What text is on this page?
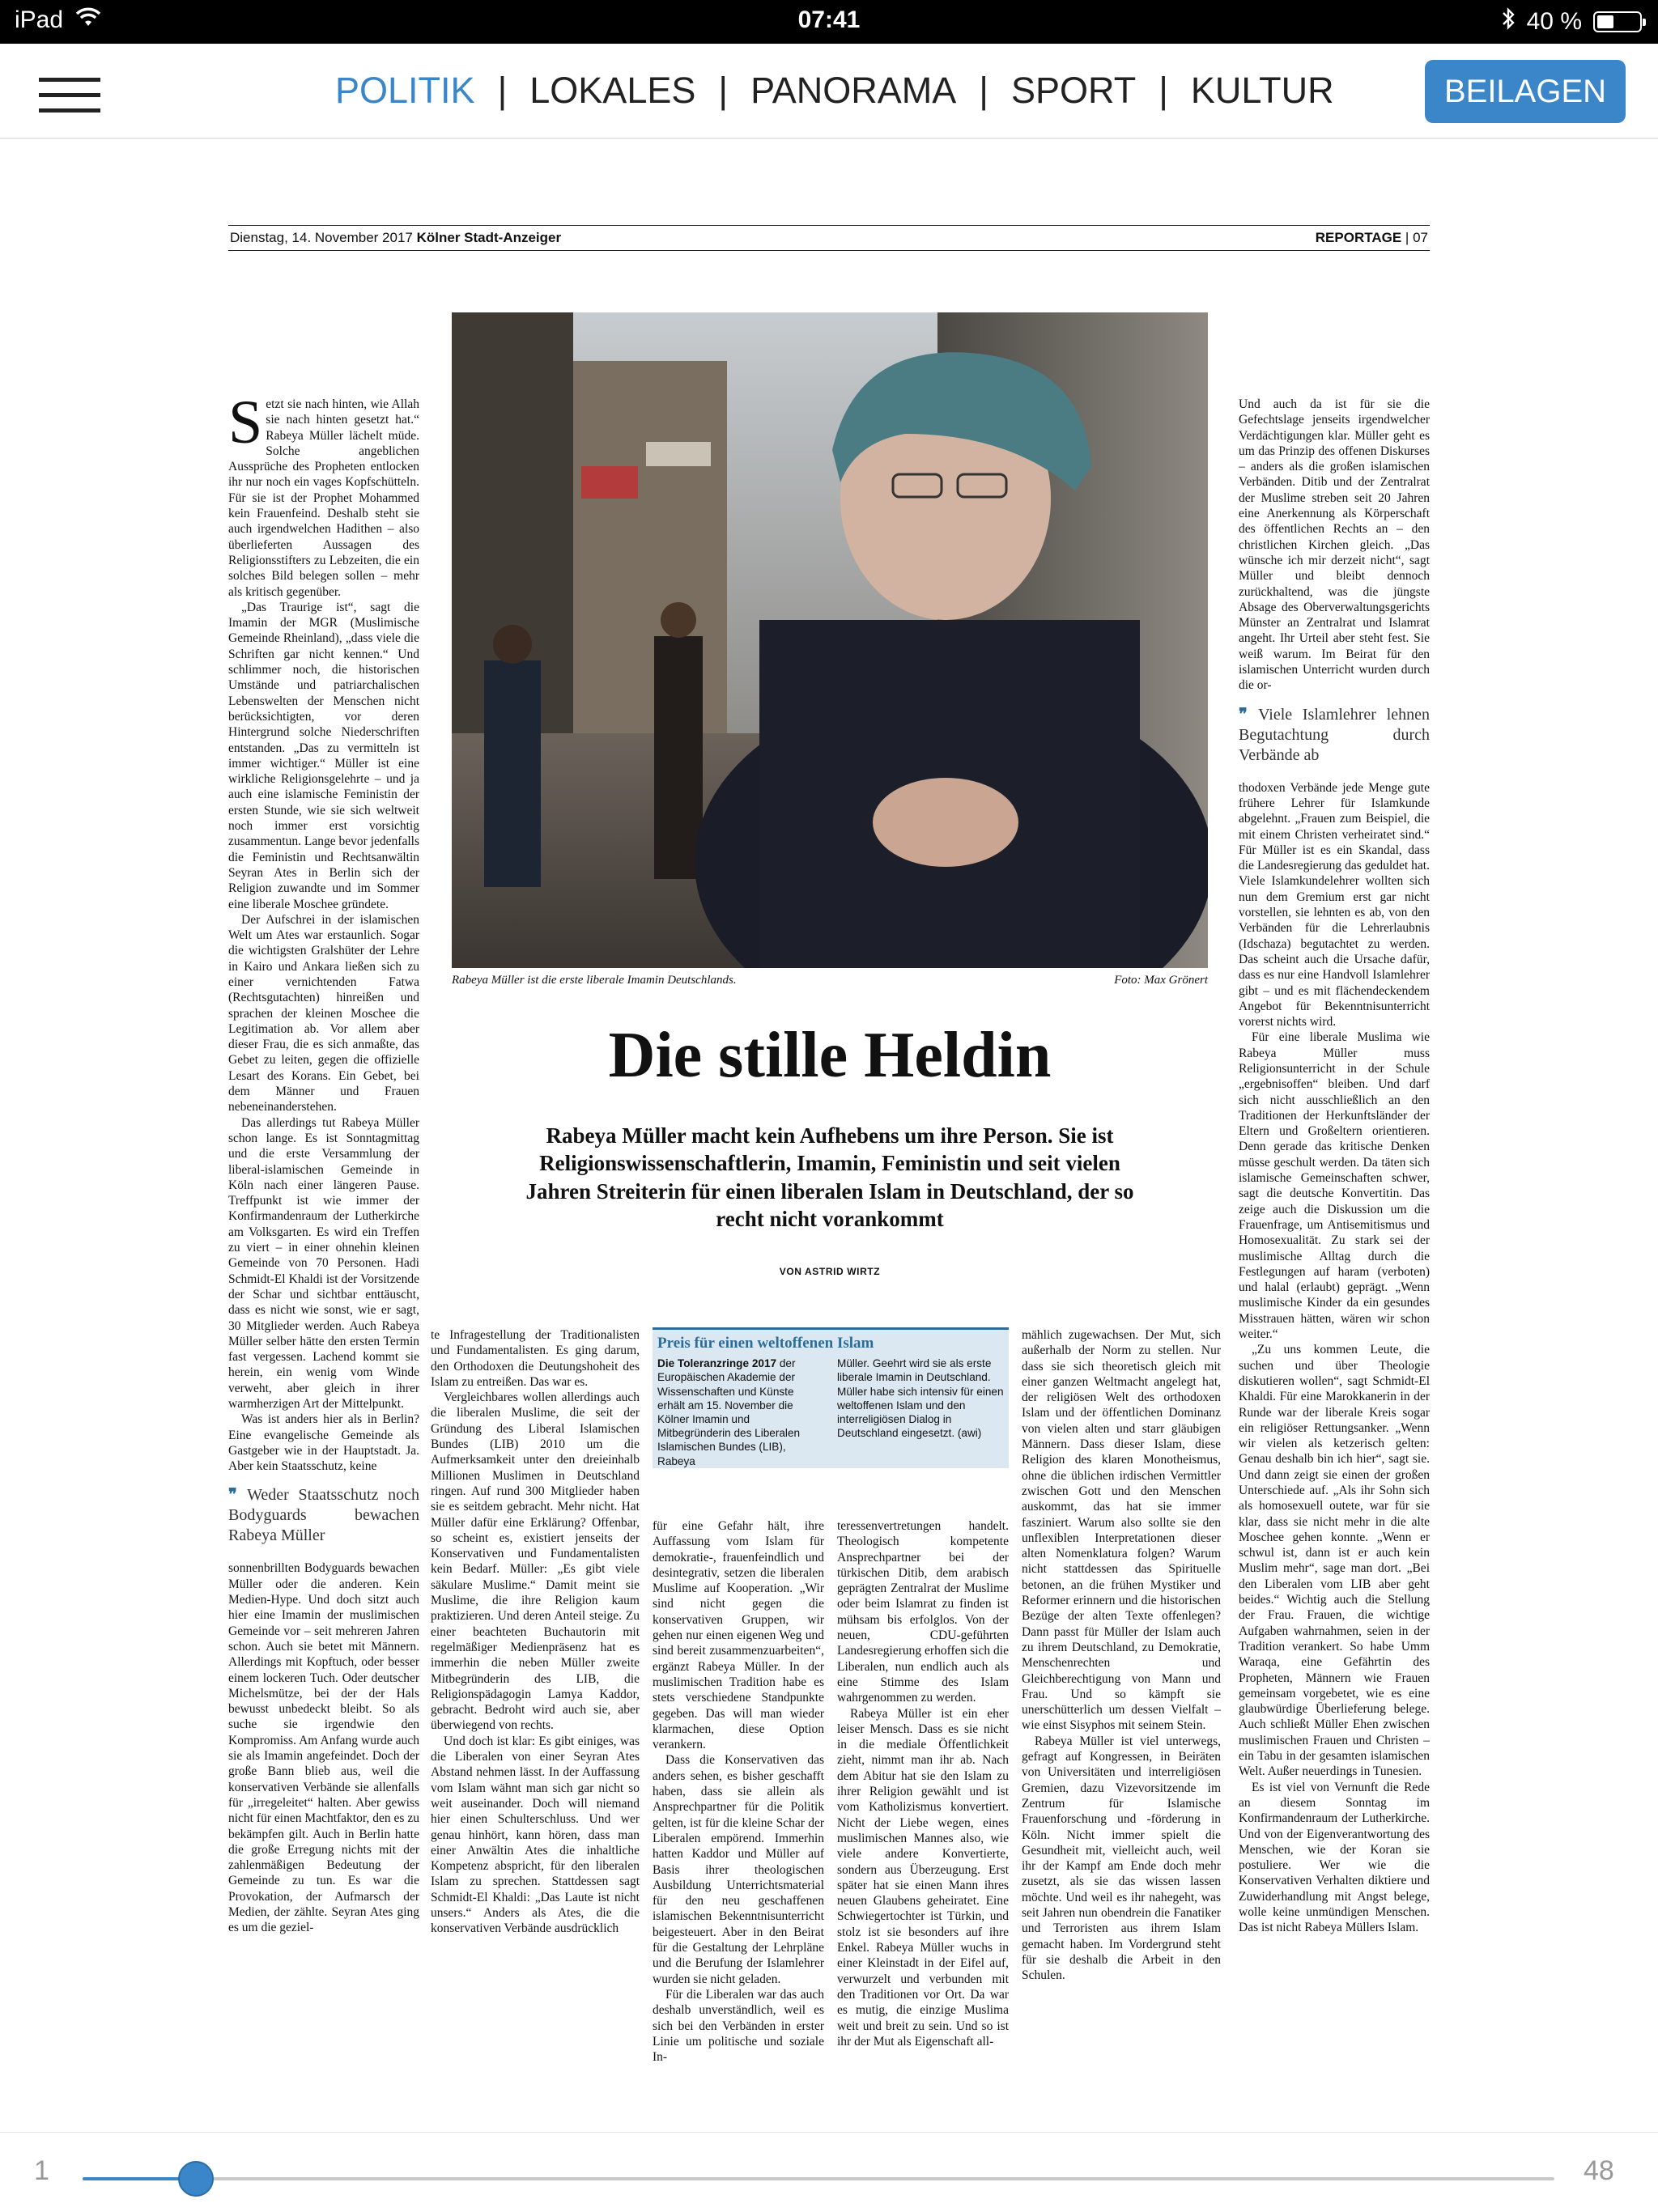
iPad	07:41	40 %
POLITIK | LOKALES | PANORAMA | SPORT | KULTUR	BEILAGEN
Dienstag, 14. November 2017 Kölner Stadt-Anzeiger	REPORTAGE | 07
Rabeya Müller ist die erste liberale Imamin Deutschlands.	Foto: Max Grönert
Die stille Heldin
Rabeya Müller macht kein Aufhebens um ihre Person. Sie ist Religionswissenschaftlerin, Imamin, Feministin und seit vielen Jahren Streiterin für einen liberalen Islam in Deutschland, der so recht nicht vorankommt
VON ASTRID WIRTZ

Setzt sie nach hinten, wie Allah sie nach hinten gesetzt hat.“ Rabeya Müller lächelt müde. Solche angeblichen Aussprüche des Propheten entlocken ihr nur noch ein vages Kopfschütteln. Für sie ist der Prophet Mohammed kein Frauenfeind. Deshalb steht sie auch irgendwelchen Hadithen – also überlieferten Aussagen des Religionsstifters zu Lebzeiten, die ein solches Bild belegen sollen – mehr als kritisch gegenüber.

„Das Traurige ist“, sagt die Imamin der MGR (Muslimische Gemeinde Rheinland), „dass viele die Schriften gar nicht kennen.“ Und schlimmer noch, die historischen Umstände und patriarchalischen Lebenswelten der Menschen nicht berücksichtigten, vor deren Hintergrund solche Niederschriften entstanden. „Das zu vermitteln ist immer wichtiger.“ Müller ist eine wirkliche Religionsgelehrte – und ja auch eine islamische Feministin der ersten Stunde, wie sie sich weltweit noch immer erst vorsichtig zusammentun. Lange bevor jedenfalls die Feministin und Rechtsanwältin Seyran Ates in Berlin sich der Religion zuwandte und im Sommer eine liberale Moschee gründete.

Der Aufschrei in der islamischen Welt um Ates war erstaunlich. Sogar die wichtigsten Gralshüter der Lehre in Kairo und Ankara ließen sich zu einer vernichtenden Fatwa (Rechtsgutachten) hinreißen und sprachen der kleinen Moschee die Legitimation ab. Vor allem aber dieser Frau, die es sich anmaßte, das Gebet zu leiten, gegen die offizielle Lesart des Korans. Ein Gebet, bei dem Männer und Frauen nebeneinanderstehen.

Das allerdings tut Rabeya Müller schon lange. Es ist Sonntagmittag und die erste Versammlung der liberal-islamischen Gemeinde in Köln nach einer längeren Pause. Treffpunkt ist wie immer der Konfirmandenraum der Lutherkirche am Volksgarten. Es wird ein Treffen zu viert – in einer ohnehin kleinen Gemeinde von 70 Personen. Hadi Schmidt-El Khaldi ist der Vorsitzende der Schar und sichtbar enttäuscht, dass es nicht wie sonst, wie er sagt, 30 Mitglieder werden. Auch Rabeya Müller selber hätte den ersten Termin fast vergessen. Lachend kommt sie herein, ein wenig vom Winde verweht, aber gleich in ihrer warmherzigen Art der Mittelpunkt.

Was ist anders hier als in Berlin? Eine evangelische Gemeinde als Gastgeber wie in der Hauptstadt. Ja. Aber kein Staatsschutz, keine

❞ Weder Staatsschutz noch Bodyguards bewachen Rabeya Müller

sonnenbrillten Bodyguards bewachen Müller oder die anderen. Kein Medien-Hype. Und doch sitzt auch hier eine Imamin der muslimischen Gemeinde vor – seit mehreren Jahren schon. Auch sie betet mit Männern. Allerdings mit Kopftuch, oder besser einem lockeren Tuch. Oder deutscher Michelsmütze, bei der der Hals bewusst unbedeckt bleibt. So als suche sie irgendwie den Kompromiss. Am Anfang wurde auch sie als Imamin angefeindet. Doch der große Bann blieb aus, weil die konservativen Verbände sie allenfalls für „irregeleitet“ halten. Aber gewiss nicht für einen Machtfaktor, den es zu bekämpfen gilt. Auch in Berlin hatte die große Erregung nichts mit der zahlenmäßigen Bedeutung der Gemeinde zu tun. Es war die Provokation, der Aufmarsch der Medien, der zählte. Seyran Ates ging es um die geziel-

te Infragestellung der Traditionalisten und Fundamentalisten. Es ging darum, den Orthodoxen die Deutungshoheit des Islam zu entreißen. Das war es.

Vergleichbares wollen allerdings auch die liberalen Muslime, die seit der Gründung des Liberal Islamischen Bundes (LIB) 2010 um die Aufmerksamkeit unter den dreieinhalb Millionen Muslimen in Deutschland ringen. Auf rund 300 Mitglieder haben sie es seitdem gebracht. Mehr nicht. Hat Müller dafür eine Erklärung? Offenbar, so scheint es, existiert jenseits der Konservativen und Fundamentalisten kein Bedarf. Müller: „Es gibt viele säkulare Muslime.“ Damit meint sie Muslime, die ihre Religion kaum praktizieren. Und deren Anteil steige. Zu einer beachteten Buchautorin mit regelmäßiger Medienpräsenz hat es immerhin die neben Müller zweite Mitbegründerin des LIB, die Religionspädagogin Lamya Kaddor, gebracht. Bedroht wird auch sie, aber überwiegend von rechts.

Und doch ist klar: Es gibt einiges, was die Liberalen von einer Seyran Ates Abstand nehmen lässt. In der Auffassung vom Islam wähnt man sich gar nicht so weit auseinander. Doch will niemand hier einen Schulterschluss. Und wer genau hinhört, kann hören, dass man einer Anwältin Ates die inhaltliche Kompetenz abspricht, für den liberalen Islam zu sprechen. Stattdessen sagt Schmidt-El Khaldi: „Das Laute ist nicht unsers.“ Anders als Ates, die die konservativen Verbände ausdrücklich

Preis für einen weltoffenen Islam
Die Toleranzringe 2017 der Europäischen Akademie der Wissenschaften und Künste erhält am 15. November die Kölner Imamin und Mitbegründerin des Liberalen Islamischen Bundes (LIB), Rabeya
Müller. Geehrt wird sie als erste liberale Imamin in Deutschland. Müller habe sich intensiv für einen weltoffenen Islam und den interreligiösen Dialog in Deutschland eingesetzt. (awi)

für eine Gefahr hält, ihre Auffassung vom Islam für demokratie-, frauenfeindlich und desintegrativ, setzen die liberalen Muslime auf Kooperation. „Wir sind nicht gegen die konservativen Gruppen, wir gehen nur einen eigenen Weg und sind bereit zusammenzuarbeiten“, ergänzt Rabeya Müller. In der muslimischen Tradition habe es stets verschiedene Standpunkte gegeben. Das will man wieder klarmachen, diese Option verankern.

Dass die Konservativen das anders sehen, es bisher geschafft haben, dass sie allein als Ansprechpartner für die Politik gelten, ist für die kleine Schar der Liberalen empörend. Immerhin hatten Kaddor und Müller auf Basis ihrer theologischen Ausbildung Unterrichtsmaterial für den neu geschaffenen islamischen Bekenntnisunterricht beigesteuert. Aber in den Beirat für die Gestaltung der Lehrpläne und die Berufung der Islamlehrer wurden sie nicht geladen.

Für die Liberalen war das auch deshalb unverständlich, weil es sich bei den Verbänden in erster Linie um politische und soziale In-

teressenvertretungen handelt. Theologisch kompetente Ansprechpartner bei der türkischen Ditib, dem arabisch geprägten Zentralrat der Muslime oder beim Islamrat zu finden ist mühsam bis erfolglos. Von der neuen, CDU-geführten Landesregierung erhoffen sich die Liberalen, nun endlich auch als eine Stimme des Islam wahrgenommen zu werden.

Rabeya Müller ist ein eher leiser Mensch. Dass es sie nicht in die mediale Öffentlichkeit zieht, nimmt man ihr ab. Nach dem Abitur hat sie den Islam zu ihrer Religion gewählt und ist vom Katholizismus konvertiert. Nicht der Liebe wegen, eines muslimischen Mannes also, wie viele andere Konvertierte, sondern aus Überzeugung. Erst später hat sie einen Mann ihres neuen Glaubens geheiratet. Eine Schwiegertochter ist Türkin, und stolz ist sie besonders auf ihre Enkel. Rabeya Müller wuchs in einer Kleinstadt in der Eifel auf, verwurzelt und verbunden mit den Traditionen vor Ort. Da war es mutig, die einzige Muslima weit und breit zu sein. Und so ist ihr der Mut als Eigenschaft all-

mählich zugewachsen. Der Mut, sich außerhalb der Norm zu stellen. Nur dass sie sich theoretisch gleich mit einer ganzen Weltmacht angelegt hat, der religiösen Welt des orthodoxen Islam und der öffentlichen Dominanz von vielen alten und starr gläubigen Männern. Dass dieser Islam, diese Religion des klaren Monotheismus, ohne die üblichen irdischen Vermittler zwischen Gott und den Menschen auskommt, das hat sie immer fasziniert. Warum also sollte sie den unflexiblen Interpretationen dieser alten Nomenklatura folgen? Warum nicht stattdessen das Spirituelle betonen, an die frühen Mystiker und Reformer erinnern und die historischen Bezüge der alten Texte offenlegen? Dann passt für Müller der Islam auch zu ihrem Deutschland, zu Demokratie, Menschenrechten und Gleichberechtigung von Mann und Frau. Und so kämpft sie unerschütterlich um dessen Vielfalt – wie einst Sisyphos mit seinem Stein.

Rabeya Müller ist viel unterwegs, gefragt auf Kongressen, in Beiräten von Universitäten und interreligiösen Gremien, dazu Vizevorsitzende im Zentrum für Islamische Frauenforschung und -förderung in Köln. Nicht immer spielt die Gesundheit mit, vielleicht auch, weil ihr der Kampf am Ende doch mehr zusetzt, als sie das wissen lassen möchte. Und weil es ihr nahegeht, was seit Jahren nun obendrein die Fanatiker und Terroristen aus ihrem Islam gemacht haben. Im Vordergrund steht für sie deshalb die Arbeit in den Schulen.

Und auch da ist für sie die Gefechtslage jenseits irgendwelcher Verdächtigungen klar. Müller geht es um das Prinzip des offenen Diskurses – anders als die großen islamischen Verbänden. Ditib und der Zentralrat der Muslime streben seit 20 Jahren eine Anerkennung als Körperschaft des öffentlichen Rechts an – den christlichen Kirchen gleich. „Das wünsche ich mir derzeit nicht“, sagt Müller und bleibt dennoch zurückhaltend, was die jüngste Absage des Oberverwaltungsgerichts Münster an Zentralrat und Islamrat angeht. Ihr Urteil aber steht fest. Sie weiß warum. Im Beirat für den islamischen Unterricht wurden durch die or-

❞ Viele Islamlehrer lehnen Begutachtung durch Verbände ab

thodoxen Verbände jede Menge gute frühere Lehrer für Islamkunde abgelehnt. „Frauen zum Beispiel, die mit einem Christen verheiratet sind.“ Für Müller ist es ein Skandal, dass die Landesregierung das geduldet hat. Viele Islamkundelehrer wollten sich nun dem Gremium erst gar nicht vorstellen, sie lehnten es ab, von den Verbänden für die Lehrerlaubnis (Idschaza) begutachtet zu werden. Das scheint auch die Ursache dafür, dass es nur eine Handvoll Islamlehrer gibt – und es mit flächendeckendem Angebot für Bekenntnisunterricht vorerst nichts wird.

Für eine liberale Muslima wie Rabeya Müller muss Religionsunterricht in der Schule „ergebnisoffen“ bleiben. Und darf sich nicht ausschließlich an den Traditionen der Herkunftsländer der Eltern und Großeltern orientieren. Denn gerade das kritische Denken müsse geschult werden. Da täten sich islamische Gemeinschaften schwer, sagt die deutsche Konvertitin. Das zeige auch die Diskussion um die Frauenfrage, um Antisemitismus und Homosexualität. Zu stark sei der muslimische Alltag durch die Festlegungen auf haram (verboten) und halal (erlaubt) geprägt. „Wenn muslimische Kinder da ein gesundes Misstrauen hätten, wären wir schon weiter.“

„Zu uns kommen Leute, die suchen und über Theologie diskutieren wollen“, sagt Schmidt-El Khaldi. Für eine Marokkanerin in der Runde war der liberale Kreis sogar ein religiöser Rettungsanker. „Wenn wir vielen als ketzerisch gelten: Genau deshalb bin ich hier“, sagt sie. Und dann zeigt sie einen der großen Unterschiede auf. „Als ihr Sohn sich als homosexuell outete, war für sie klar, dass sie nicht mehr in die alte Moschee gehen konnte. „Wenn er schwul ist, dann ist er auch kein Muslim mehr“, sage man dort. „Bei den Liberalen vom LIB aber geht beides.“ Wichtig auch die Stellung der Frau. Frauen, die wichtige Aufgaben wahrnahmen, seien in der Tradition verankert. So habe Umm Waraqa, eine Gefährtin des Propheten, Männern wie Frauen gemeinsam vorgebetet, wie es eine glaubwürdige Überlieferung belege. Auch schließt Müller Ehen zwischen muslimischen Frauen und Christen – ein Tabu in der gesamten islamischen Welt. Außer neuerdings in Tunesien.

Es ist viel von Vernunft die Rede an diesem Sonntag im Konfirmandenraum der Lutherkirche. Und von der Eigenverantwortung des Menschen, wie der Koran sie postuliere. Wer wie die Konservativen Verhalten diktiere und Zuwiderhandlung mit Angst belege, wolle keine unmündigen Menschen. Das ist nicht Rabeya Müllers Islam.

1	48
